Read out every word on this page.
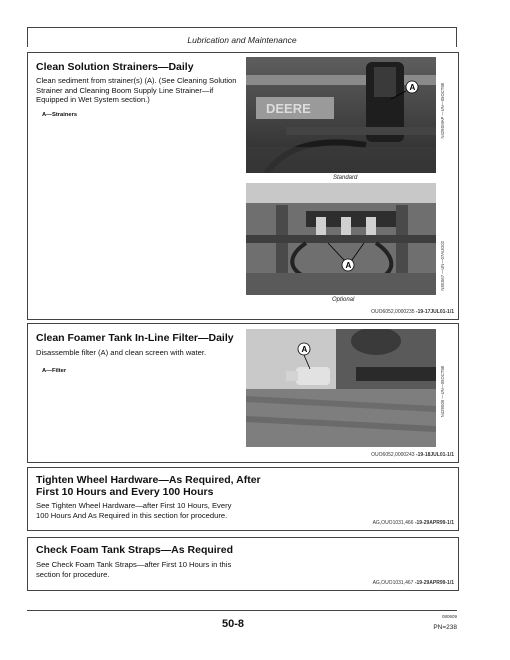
Lubrication and Maintenance
Clean Solution Strainers—Daily
Clean sediment from strainer(s) (A). (See Cleaning Solution Strainer and Cleaning Boom Supply Line Strainer—if Equipped in Wet System section.)
A—Strainers	DEERE
A	N429SMAP —UN—05OCT98
Standard
A	N8SS67 —UN—07AUG02
Optional
OUO6052,0000235 -19-17JUL01-1/1
Clean Foamer Tank In-Line Filter—Daily
Disassemble filter (A) and clean screen with water.
A—Filter
A
N429S05 —UN—05OCT98
OUO6052,0000243 -19-18JUL01-1/1
Tighten Wheel Hardware—As Required, After First 10 Hours and Every 100 Hours
See Tighten Wheel Hardware—after First 10 Hours, Every 100 Hours And As Required in this section for procedure.
AG,OUO1031,466 -19-29APR99-1/1
Check Foam Tank Straps—As Required
See Check Foam Tank Straps—after First 10 Hours in this section for procedure.
AG,OUO1031,467 -19-29APR99-1/1
50-8
080609
PN=238
